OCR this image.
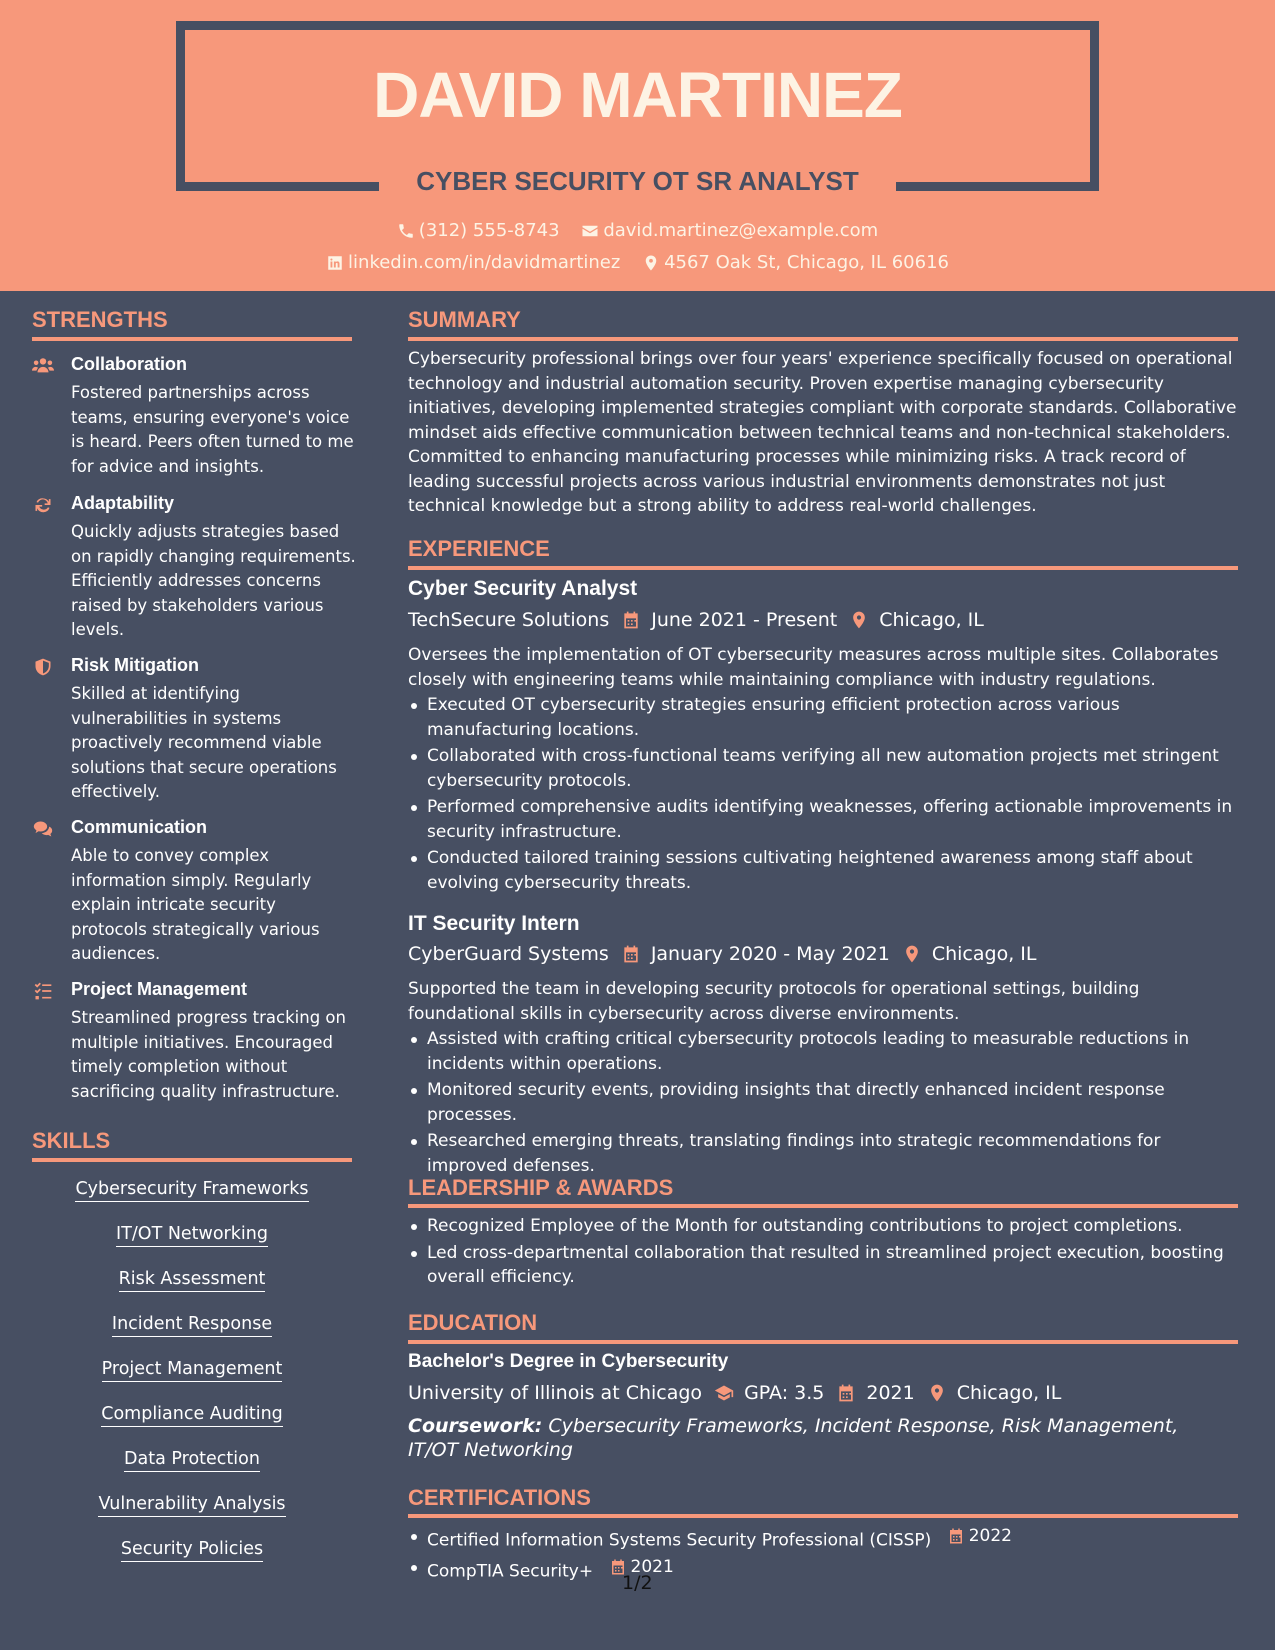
DAVID MARTINEZ
CYBER SECURITY OT SR ANALYST
(312) 555-8743
david.martinez@example.com
linkedin.com/in/davidmartinez
4567 Oak St, Chicago, IL 60616
STRENGTHS
Collaboration
Fostered partnerships across teams, ensuring everyone's voice is heard. Peers often turned to me for advice and insights.
Adaptability
Quickly adjusts strategies based on rapidly changing requirements. Efficiently addresses concerns raised by stakeholders various levels.
Risk Mitigation
Skilled at identifying vulnerabilities in systems proactively recommend viable solutions that secure operations effectively.
Communication
Able to convey complex information simply. Regularly explain intricate security protocols strategically various audiences.
Project Management
Streamlined progress tracking on multiple initiatives. Encouraged timely completion without sacrificing quality infrastructure.
SKILLS
Cybersecurity Frameworks
IT/OT Networking
Risk Assessment
Incident Response
Project Management
Compliance Auditing
Data Protection
Vulnerability Analysis
Security Policies
SUMMARY
Cybersecurity professional brings over four years' experience specifically focused on operational technology and industrial automation security. Proven expertise managing cybersecurity initiatives, developing implemented strategies compliant with corporate standards. Collaborative mindset aids effective communication between technical teams and non-technical stakeholders. Committed to enhancing manufacturing processes while minimizing risks. A track record of leading successful projects across various industrial environments demonstrates not just technical knowledge but a strong ability to address real-world challenges.
EXPERIENCE
Cyber Security Analyst
TechSecure Solutions June 2021 - Present Chicago, IL
Oversees the implementation of OT cybersecurity measures across multiple sites. Collaborates closely with engineering teams while maintaining compliance with industry regulations.
Executed OT cybersecurity strategies ensuring efficient protection across various manufacturing locations.
Collaborated with cross-functional teams verifying all new automation projects met stringent cybersecurity protocols.
Performed comprehensive audits identifying weaknesses, offering actionable improvements in security infrastructure.
Conducted tailored training sessions cultivating heightened awareness among staff about evolving cybersecurity threats.
IT Security Intern
CyberGuard Systems January 2020 - May 2021 Chicago, IL
Supported the team in developing security protocols for operational settings, building foundational skills in cybersecurity across diverse environments.
Assisted with crafting critical cybersecurity protocols leading to measurable reductions in incidents within operations.
Monitored security events, providing insights that directly enhanced incident response processes.
Researched emerging threats, translating findings into strategic recommendations for improved defenses.
LEADERSHIP & AWARDS
Recognized Employee of the Month for outstanding contributions to project completions.
Led cross-departmental collaboration that resulted in streamlined project execution, boosting overall efficiency.
EDUCATION
Bachelor's Degree in Cybersecurity
University of Illinois at Chicago GPA: 3.5 2021 Chicago, IL
Coursework: Cybersecurity Frameworks, Incident Response, Risk Management, IT/OT Networking
CERTIFICATIONS
Certified Information Systems Security Professional (CISSP) 2022
CompTIA Security+ 2021
1/2
